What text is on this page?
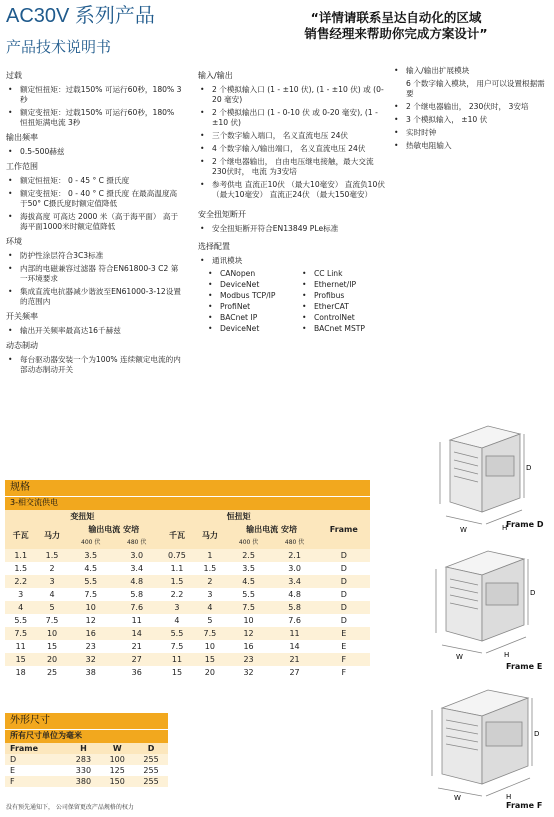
AC30V 系列产品
产品技术说明书
“详情请联系呈达自动化的区域
销售经理来帮助你完成方案设计”
过载
• 额定恒扭矩：过载150% 可运行60秒，180% 3秒
• 额定变扭矩：过载150% 可运行60秒，180% 恒扭矩满电流 3秒
输出频率
• 0.5-500赫兹
工作范围
• 额定恒扭矩： 0 - 45 ° C 摄氏度
• 额定变扭矩： 0 - 40 ° C 摄氏度 在最高温度高于50° C摄氏度时额定值降低
• 海拔高度 可高达 2000 米（高于海平面） 高于海平面1000米时额定值降低
环境
• 防护性涂层符合3C3标准
• 内部的电磁兼容过滤器 符合EN61800-3 C2 第一环境要求
• 集成直流电抗器减少谐波至EN61000-3-12设置的范围内
开关频率
• 输出开关频率最高达16千赫兹
动态制动
• 每台驱动器安装一个为100% 连续额定电流的内部动态制动开关
输入/输出
• 2 个模拟输入口 (1 - ±10 伏), (1 - ±10 伏) 或 (0-20 毫安)
• 2 个模拟输出口 (1 - 0-10 伏 或 0-20 毫安), (1 - ±10 伏)
• 三个数字输入端口， 名义直流电压 24伏
• 4 个数字输入/输出端口， 名义直流电压 24伏
• 2 个继电器输出， 自由电压继电接触，最大交流230伏时， 电流 为3安培
• 参考供电 直流正10伏 （最大10毫安） 直流负10伏 （最大10毫安） 直流正24伏 （最大150毫安）
安全扭矩断开
• 安全扭矩断开符合EN13849 PLe标准
选择配置
• 通讯模块
• CANopen
• DeviceNet
• Modbus TCP/IP
• ProfiNet
• BACnet IP
• DeviceNet
• CC Link
• Ethernet/IP
• Profibus
• EtherCAT
• ControlNet
• BACnet MSTP
• 输入/输出扩展模块
6 个数字输入模块， 用户可以设置根据需要
• 2 个继电器输出， 230伏时， 3安培
• 3 个模拟输入， ±10 伏
• 实时时钟
• 热敏电阻输入
规格
3-相交流供电
变扭矩				恒扭矩				Frame
千瓦	马力	输出电流 安培		千瓦	马力	输出电流 安培		
		400 伏	480 伏			400 伏	480 伏	
1.1	1.5	3.5	3.0	0.75	1	2.5	2.1	D
1.5	2	4.5	3.4	1.1	1.5	3.5	3.0	D
2.2	3	5.5	4.8	1.5	2	4.5	3.4	D
3	4	7.5	5.8	2.2	3	5.5	4.8	D
4	5	10	7.6	3	4	7.5	5.8	D
5.5	7.5	12	11	4	5	10	7.6	D
7.5	10	16	14	5.5	7.5	12	11	E
11	15	23	21	7.5	10	16	14	E
15	20	32	27	11	15	23	21	F
18	25	38	36	15	20	32	27	F
外形尺寸
所有尺寸单位为毫米
Frame	H	W	D
D	283	100	255
E	330	125	255
F	380	150	255
没有预先通知下， 公司保留更改产品规格的权力
D
W	H
Frame D
D
W	H
Frame E
D
W	H
Frame F
